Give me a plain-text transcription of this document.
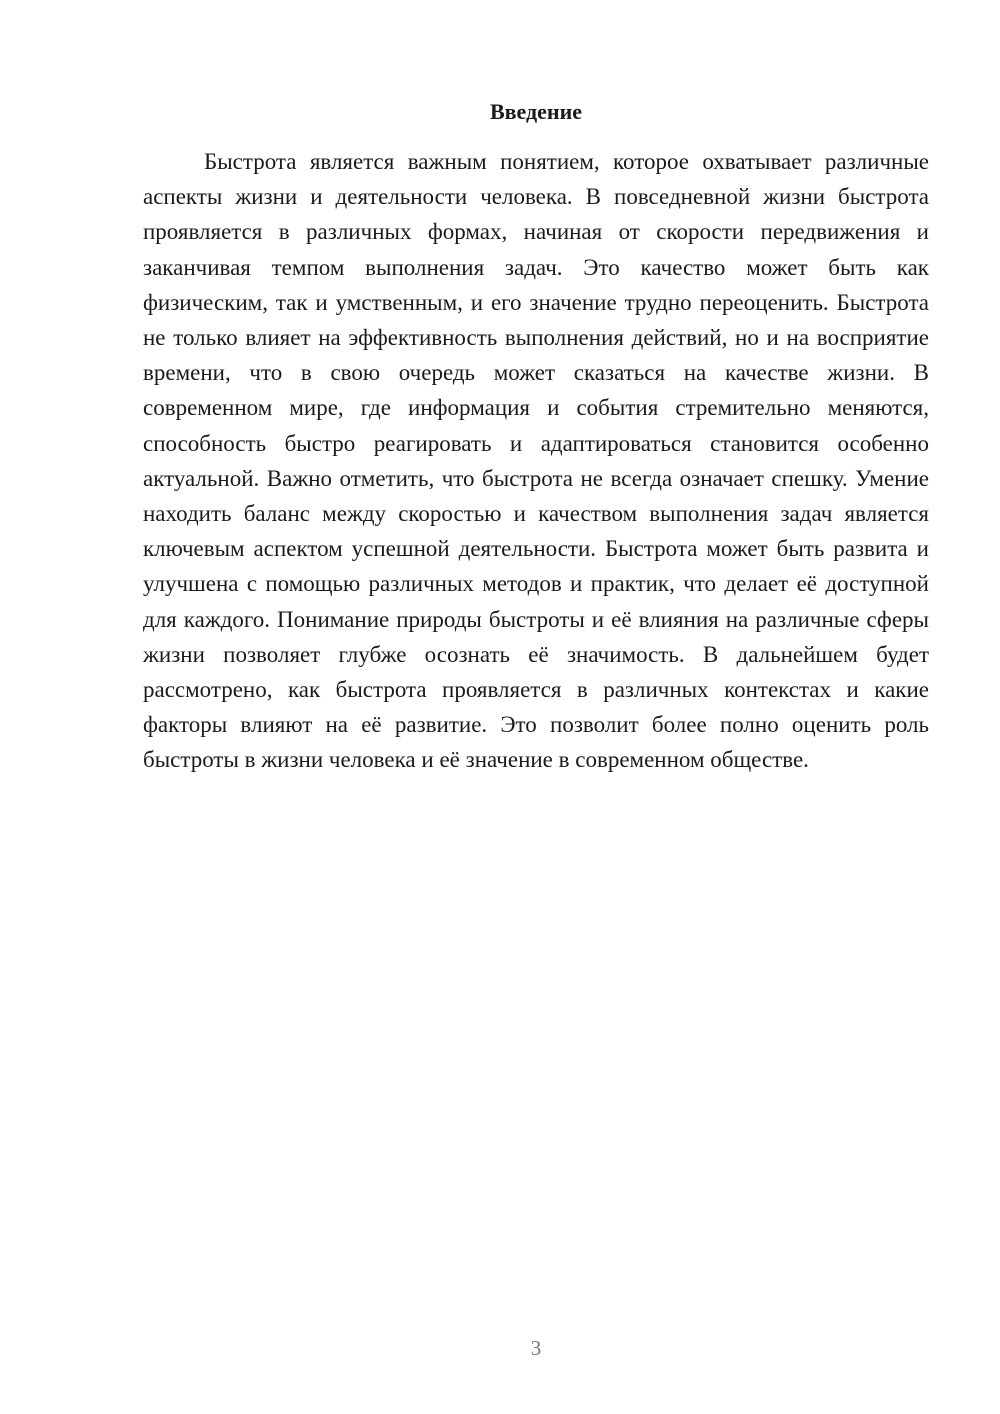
Введение

Быстрота является важным понятием, которое охватывает различные аспекты жизни и деятельности человека. В повседневной жизни быстрота проявляется в различных формах, начиная от скорости передвижения и заканчивая темпом выполнения задач. Это качество может быть как физическим, так и умственным, и его значение трудно переоценить. Быстрота не только влияет на эффективность выполнения действий, но и на восприятие времени, что в свою очередь может сказаться на качестве жизни. В современном мире, где информация и события стремительно меняются, способность быстро реагировать и адаптироваться становится особенно актуальной. Важно отметить, что быстрота не всегда означает спешку. Умение находить баланс между скоростью и качеством выполнения задач является ключевым аспектом успешной деятельности. Быстрота может быть развита и улучшена с помощью различных методов и практик, что делает её доступной для каждого. Понимание природы быстроты и её влияния на различные сферы жизни позволяет глубже осознать её значимость. В дальнейшем будет рассмотрено, как быстрота проявляется в различных контекстах и какие факторы влияют на её развитие. Это позволит более полно оценить роль быстроты в жизни человека и её значение в современном обществе.

3
